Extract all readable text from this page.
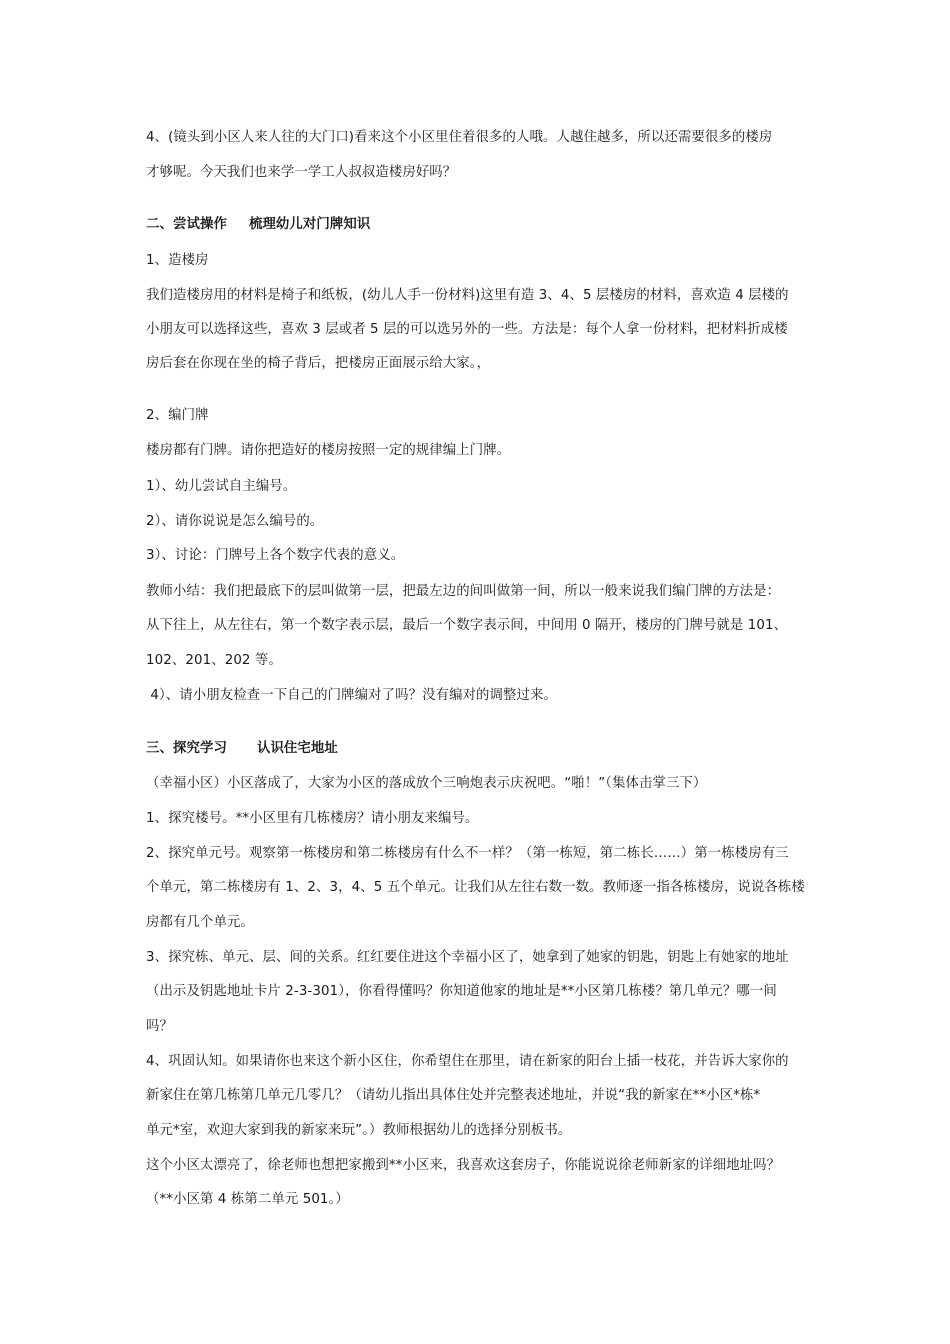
4、(镜头到小区人来人往的大门口)看来这个小区里住着很多的人哦。人越住越多，所以还需要很多的楼房
才够呢。今天我们也来学一学工人叔叔造楼房好吗？
二、尝试操作 梳理幼儿对门牌知识
1、造楼房
我们造楼房用的材料是椅子和纸板，(幼儿人手一份材料)这里有造 3、4、5 层楼房的材料，喜欢造 4 层楼的
小朋友可以选择这些，喜欢 3 层或者 5 层的可以选另外的一些。方法是：每个人拿一份材料，把材料折成楼
房后套在你现在坐的椅子背后，把楼房正面展示给大家。，
2、编门牌
楼房都有门牌。请你把造好的楼房按照一定的规律编上门牌。
1）、幼儿尝试自主编号。
2）、请你说说是怎么编号的。
3）、讨论：门牌号上各个数字代表的意义。
教师小结：我们把最底下的层叫做第一层，把最左边的间叫做第一间，所以一般来说我们编门牌的方法是：
从下往上，从左往右，第一个数字表示层，最后一个数字表示间，中间用 0 隔开，楼房的门牌号就是 101、
102、201、202 等。
4）、请小朋友检查一下自己的门牌编对了吗？没有编对的调整过来。
三、探究学习 认识住宅地址
（幸福小区）小区落成了，大家为小区的落成放个三响炮表示庆祝吧。“啪！”（集体击掌三下）
1、探究楼号。**小区里有几栋楼房？请小朋友来编号。
2、探究单元号。观察第一栋楼房和第二栋楼房有什么不一样？（第一栋短，第二栋长……）第一栋楼房有三
个单元，第二栋楼房有 1、2、3，4、5 五个单元。让我们从左往右数一数。教师逐一指各栋楼房，说说各栋楼
房都有几个单元。
3、探究栋、单元、层、间的关系。红红要住进这个幸福小区了，她拿到了她家的钥匙，钥匙上有她家的地址
（出示及钥匙地址卡片 2-3-301），你看得懂吗？你知道他家的地址是**小区第几栋楼？第几单元？哪一间
吗？
4、巩固认知。如果请你也来这个新小区住，你希望住在那里，请在新家的阳台上插一枝花，并告诉大家你的
新家住在第几栋第几单元几零几？（请幼儿指出具体住处并完整表述地址，并说“我的新家在**小区*栋*
单元*室，欢迎大家到我的新家来玩”。）教师根据幼儿的选择分别板书。
这个小区太漂亮了，徐老师也想把家搬到**小区来，我喜欢这套房子，你能说说徐老师新家的详细地址吗？
（**小区第 4 栋第二单元 501。）
